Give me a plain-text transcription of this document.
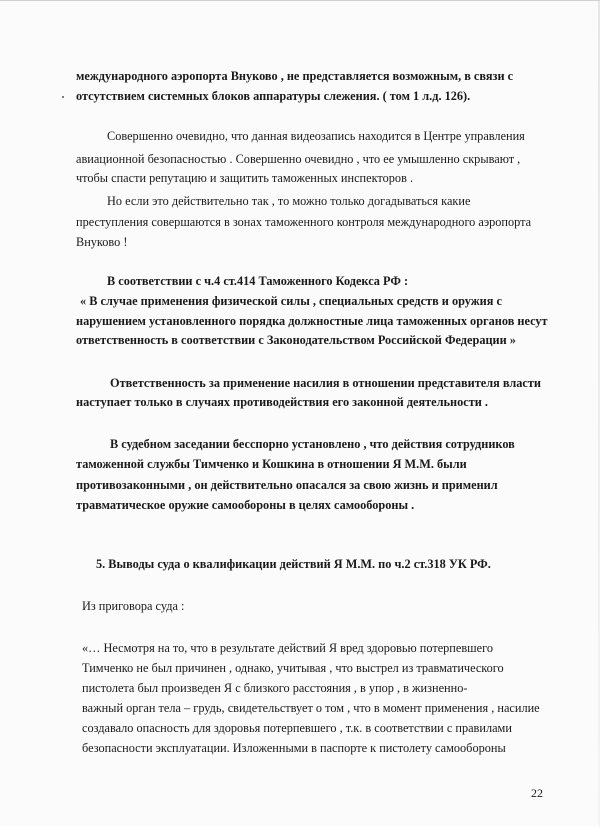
международного аэропорта Внуково , не представляется возможным, в связи с
отсутствием системных блоков аппаратуры слежения. ( том 1 л.д. 126).
Совершенно очевидно, что данная видеозапись находится в Центре управления
авиационной безопасностью . Совершенно очевидно , что ее умышленно скрывают ,
чтобы спасти репутацию и защитить таможенных инспекторов .
Но если это действительно так , то можно только догадываться какие
преступления совершаются в зонах таможенного контроля международного аэропорта
Внуково !
В соответствии с ч.4 ст.414 Таможенного Кодекса РФ :
« В случае применения физической силы , специальных средств и оружия с
нарушением установленного порядка должностные лица таможенных органов несут
ответственность в соответствии с Законодательством Российской Федерации »
Ответственность за применение насилия в отношении представителя власти
наступает только в случаях противодействия его законной деятельности .
В судебном заседании бесспорно установлено , что действия сотрудников
таможенной службы Тимченко и Кошкина в отношении Я М.М. были
противозаконными , он действительно опасался за свою жизнь и применил
травматическое оружие самообороны в целях самообороны .
5. Выводы суда о квалификации действий Я М.М. по ч.2 ст.318 УК РФ.
Из приговора суда :
«… Несмотря на то, что в результате действий Я вред здоровью потерпевшего
Тимченко не был причинен , однако, учитывая , что выстрел из травматического
пистолета был произведен Я с близкого расстояния , в упор , в жизненно-
важный орган тела – грудь, свидетельствует о том , что в момент применения , насилие
создавало опасность для здоровья потерпевшего , т.к. в соответствии с правилами
безопасности эксплуатации. Изложенными в паспорте к пистолету самообороны
22
